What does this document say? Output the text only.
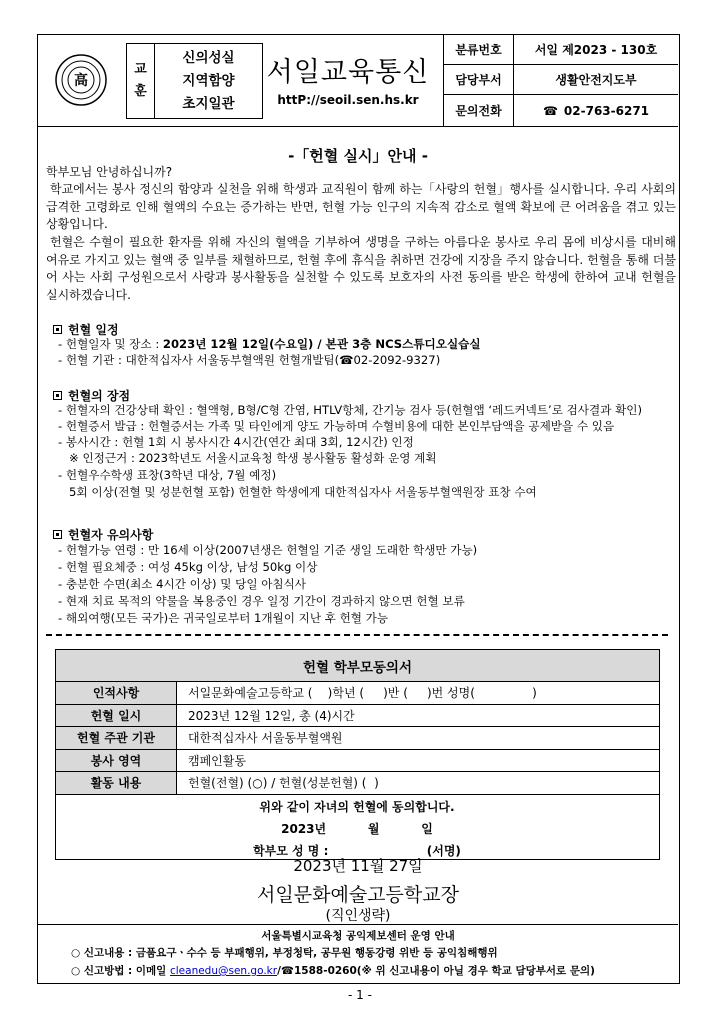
高
교
훈
신의성실
지역함양
초지일관
서일교육통신
httP://seoil.sen.hs.kr
분류번호	서일 제2023 - 130호
담당부서	생활안전지도부
문의전화	☎ 02-763-6271
-「헌혈 실시」안내 -
학부모님 안녕하십니까?
학교에서는 봉사 정신의 함양과 실천을 위해 학생과 교직원이 함께 하는「사랑의 헌혈」행사를 실시합니다. 우리 사회의 급격한 고령화로 인해 혈액의 수요는 증가하는 반면, 헌혈 가능 인구의 지속적 감소로 혈액 확보에 큰 어려움을 겪고 있는 상황입니다.
헌혈은 수혈이 필요한 환자를 위해 자신의 혈액을 기부하여 생명을 구하는 아름다운 봉사로 우리 몸에 비상시를 대비해 여유로 가지고 있는 혈액 중 일부를 채혈하므로, 헌혈 후에 휴식을 취하면 건강에 지장을 주지 않습니다. 헌혈을 통해 더불어 사는 사회 구성원으로서 사랑과 봉사활동을 실천할 수 있도록 보호자의 사전 동의를 받은 학생에 한하여 교내 헌혈을 실시하겠습니다.
헌혈 일정
- 헌혈일자 및 장소 : 2023년 12월 12일(수요일) / 본관 3층 NCS스튜디오실습실
- 헌혈 기관 : 대한적십자사 서울동부혈액원 헌혈개발팀(☎02-2092-9327)
헌혈의 장점
- 헌혈자의 건강상태 확인 : 혈액형, B형/C형 간염, HTLV항체, 간기능 검사 등(헌혈앱 ‘레드커넥트’로 검사결과 확인)
- 헌혈증서 발급 : 헌혈증서는 가족 및 타인에게 양도 가능하며 수혈비용에 대한 본인부담액을 공제받을 수 있음
- 봉사시간 : 헌혈 1회 시 봉사시간 4시간(연간 최대 3회, 12시간) 인정
※ 인정근거 : 2023학년도 서울시교육청 학생 봉사활동 활성화 운영 계획
- 헌혈우수학생 표창(3학년 대상, 7월 예정)
5회 이상(전혈 및 성분헌혈 포함) 헌혈한 학생에게 대한적십자사 서울동부혈액원장 표창 수여
헌혈자 유의사항
- 헌혈가능 연령 : 만 16세 이상(2007년생은 헌혈일 기준 생일 도래한 학생만 가능)
- 헌혈 필요체중 : 여성 45kg 이상, 남성 50kg 이상
- 충분한 수면(최소 4시간 이상) 및 당일 아침식사
- 현재 치료 목적의 약물을 복용중인 경우 일정 기간이 경과하지 않으면 헌혈 보류
- 해외여행(모든 국가)은 귀국일로부터 1개월이 지난 후 헌혈 가능
헌혈 학부모동의서
인적사항	서일문화예술고등학교 (    )학년 (     )반 (     )번 성명(               )
헌혈 일시	2023년 12월 12일, 총 (4)시간
헌혈 주관 기관	대한적십자사 서울동부혈액원
봉사 영역	캠페인활동
활동 내용	헌혈(전혈) (○) / 헌혈(성분헌혈) (  )
위와 같이 자녀의 헌혈에 동의합니다.
2023년          월          일
학부모 성 명 :	(서명)
2023년 11월 27일
서일문화예술고등학교장
(직인생략)
서울특별시교육청 공익제보센터 운영 안내
○ 신고내용 : 금품요구ㆍ수수 등 부패행위, 부정청탁, 공무원 행동강령 위반 등 공익침해행위
○ 신고방법 : 이메일 cleanedu@sen.go.kr/☎1588-0260(※ 위 신고내용이 아닐 경우 학교 담당부서로 문의)
- 1 -
